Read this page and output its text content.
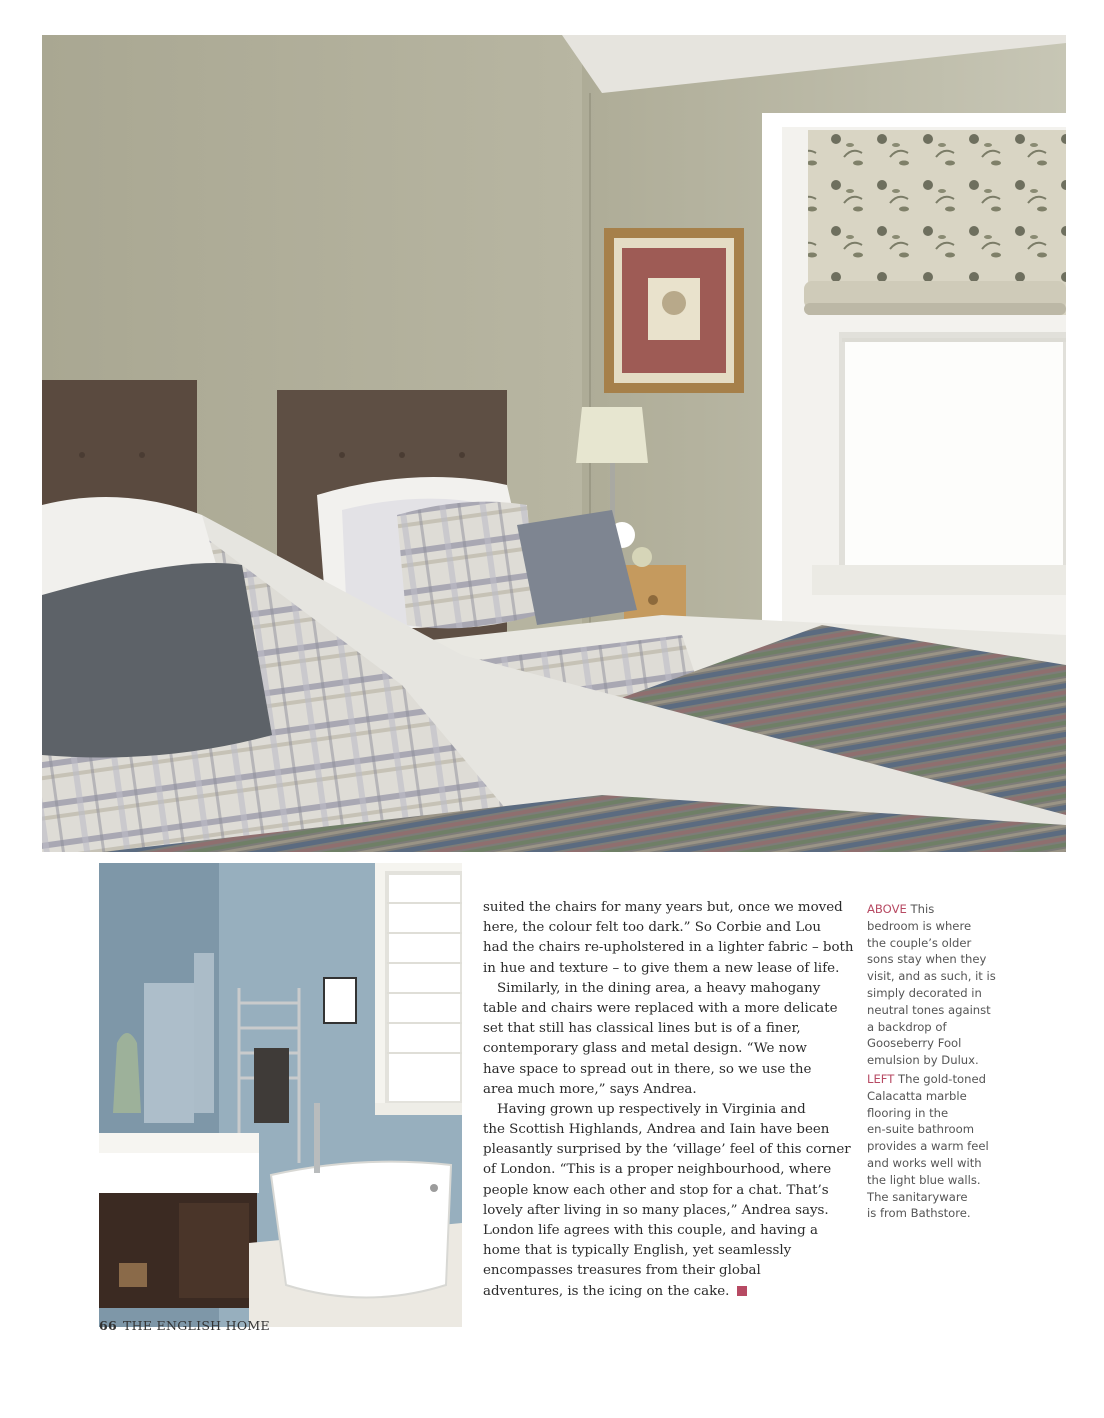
suited the chairs for many years but, once we moved
here, the colour felt too dark.” So Corbie and Lou
had the chairs re-upholstered in a lighter fabric – both
in hue and texture – to give them a new lease of life.
Similarly, in the dining area, a heavy mahogany
table and chairs were replaced with a more delicate
set that still has classical lines but is of a finer,
contemporary glass and metal design. “We now
have space to spread out in there, so we use the
area much more,” says Andrea.
Having grown up respectively in Virginia and
the Scottish Highlands, Andrea and Iain have been
pleasantly surprised by the ‘village’ feel of this corner
of London. “This is a proper neighbourhood, where
people know each other and stop for a chat. That’s
lovely after living in so many places,” Andrea says.
London life agrees with this couple, and having a
home that is typically English, yet seamlessly
encompasses treasures from their global
adventures, is the icing on the cake.
ABOVE This
bedroom is where
the couple’s older
sons stay when they
visit, and as such, it is
simply decorated in
neutral tones against
a backdrop of
Gooseberry Fool
emulsion by Dulux.
LEFT The gold-toned
Calacatta marble
flooring in the
en-suite bathroom
provides a warm feel
and works well with
the light blue walls.
The sanitaryware
is from Bathstore.
66 THE ENGLISH HOME
